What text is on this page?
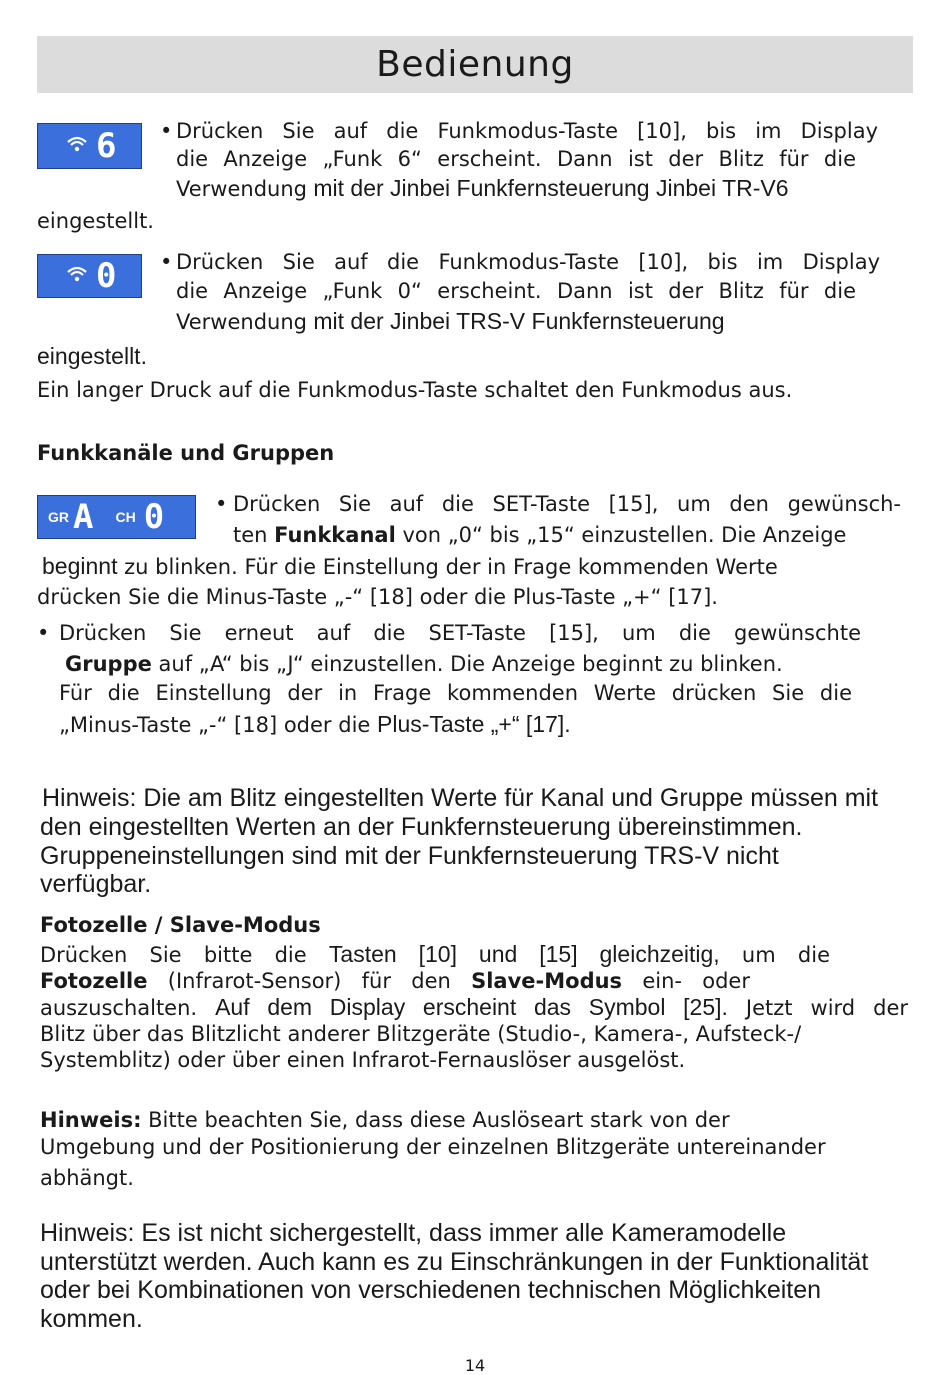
Bedienung
6 • Drücken Sie auf die Funkmodus-Taste [10], bis im Display
die Anzeige „Funk 6“ erscheint. Dann ist der Blitz für die
Verwendung mit der Jinbei Funkfernsteuerung Jinbei TR-V6
eingestellt.
0 • Drücken Sie auf die Funkmodus-Taste [10], bis im Display
die Anzeige „Funk 0“ erscheint. Dann ist der Blitz für die
Verwendung mit der Jinbei TRS-V Funkfernsteuerung
eingestellt.
Ein langer Druck auf die Funkmodus-Taste schaltet den Funkmodus aus.
Funkkanäle und Gruppen
GR A CH 0 • Drücken Sie auf die SET-Taste [15], um den gewünsch-
ten Funkkanal von „0“ bis „15“ einzustellen. Die Anzeige
beginnt zu blinken. Für die Einstellung der in Frage kommenden Werte
drücken Sie die Minus-Taste „-“ [18] oder die Plus-Taste „+“ [17].
• Drücken Sie erneut auf die SET-Taste [15], um die gewünschte
Gruppe auf „A“ bis „J“ einzustellen. Die Anzeige beginnt zu blinken.
Für die Einstellung der in Frage kommenden Werte drücken Sie die
„Minus-Taste „-“ [18] oder die Plus-Taste „+“ [17].
Hinweis: Die am Blitz eingestellten Werte für Kanal und Gruppe müssen mit
den eingestellten Werten an der Funkfernsteuerung übereinstimmen.
Gruppeneinstellungen sind mit der Funkfernsteuerung TRS-V nicht
verfügbar.
Fotozelle / Slave-Modus
Drücken Sie bitte die Tasten [10] und [15] gleichzeitig, um die
Fotozelle (Infrarot-Sensor) für den Slave-Modus ein- oder
auszuschalten. Auf dem Display erscheint das Symbol [25]. Jetzt wird der
Blitz über das Blitzlicht anderer Blitzgeräte (Studio-, Kamera-, Aufsteck-/
Systemblitz) oder über einen Infrarot-Fernauslöser ausgelöst.
Hinweis: Bitte beachten Sie, dass diese Auslöseart stark von der
Umgebung und der Positionierung der einzelnen Blitzgeräte untereinander
abhängt.
Hinweis: Es ist nicht sichergestellt, dass immer alle Kameramodelle
unterstützt werden. Auch kann es zu Einschränkungen in der Funktionalität
oder bei Kombinationen von verschiedenen technischen Möglichkeiten
kommen.
14
